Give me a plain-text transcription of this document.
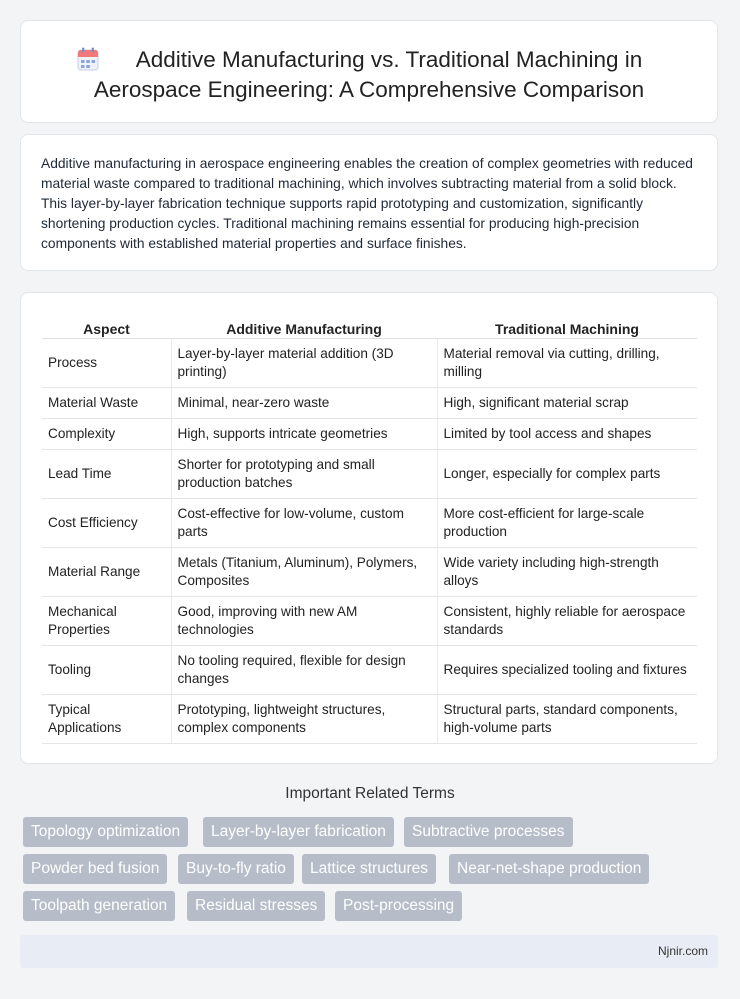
Additive Manufacturing vs. Traditional Machining in Aerospace Engineering: A Comprehensive Comparison

Additive manufacturing in aerospace engineering enables the creation of complex geometries with reduced material waste compared to traditional machining, which involves subtracting material from a solid block. This layer-by-layer fabrication technique supports rapid prototyping and customization, significantly shortening production cycles. Traditional machining remains essential for producing high-precision components with established material properties and surface finishes.

Aspect	Additive Manufacturing	Traditional Machining
Process	Layer-by-layer material addition (3D printing)	Material removal via cutting, drilling, milling
Material Waste	Minimal, near-zero waste	High, significant material scrap
Complexity	High, supports intricate geometries	Limited by tool access and shapes
Lead Time	Shorter for prototyping and small production batches	Longer, especially for complex parts
Cost Efficiency	Cost-effective for low-volume, custom parts	More cost-efficient for large-scale production
Material Range	Metals (Titanium, Aluminum), Polymers, Composites	Wide variety including high-strength alloys
Mechanical Properties	Good, improving with new AM technologies	Consistent, highly reliable for aerospace standards
Tooling	No tooling required, flexible for design changes	Requires specialized tooling and fixtures
Typical Applications	Prototyping, lightweight structures, complex components	Structural parts, standard components, high-volume parts
Important Related Terms
Topology optimization	Layer-by-layer fabrication	Subtractive processes
Powder bed fusion	Buy-to-fly ratio	Lattice structures	Near-net-shape production
Toolpath generation	Residual stresses	Post-processing
Njnir.com
